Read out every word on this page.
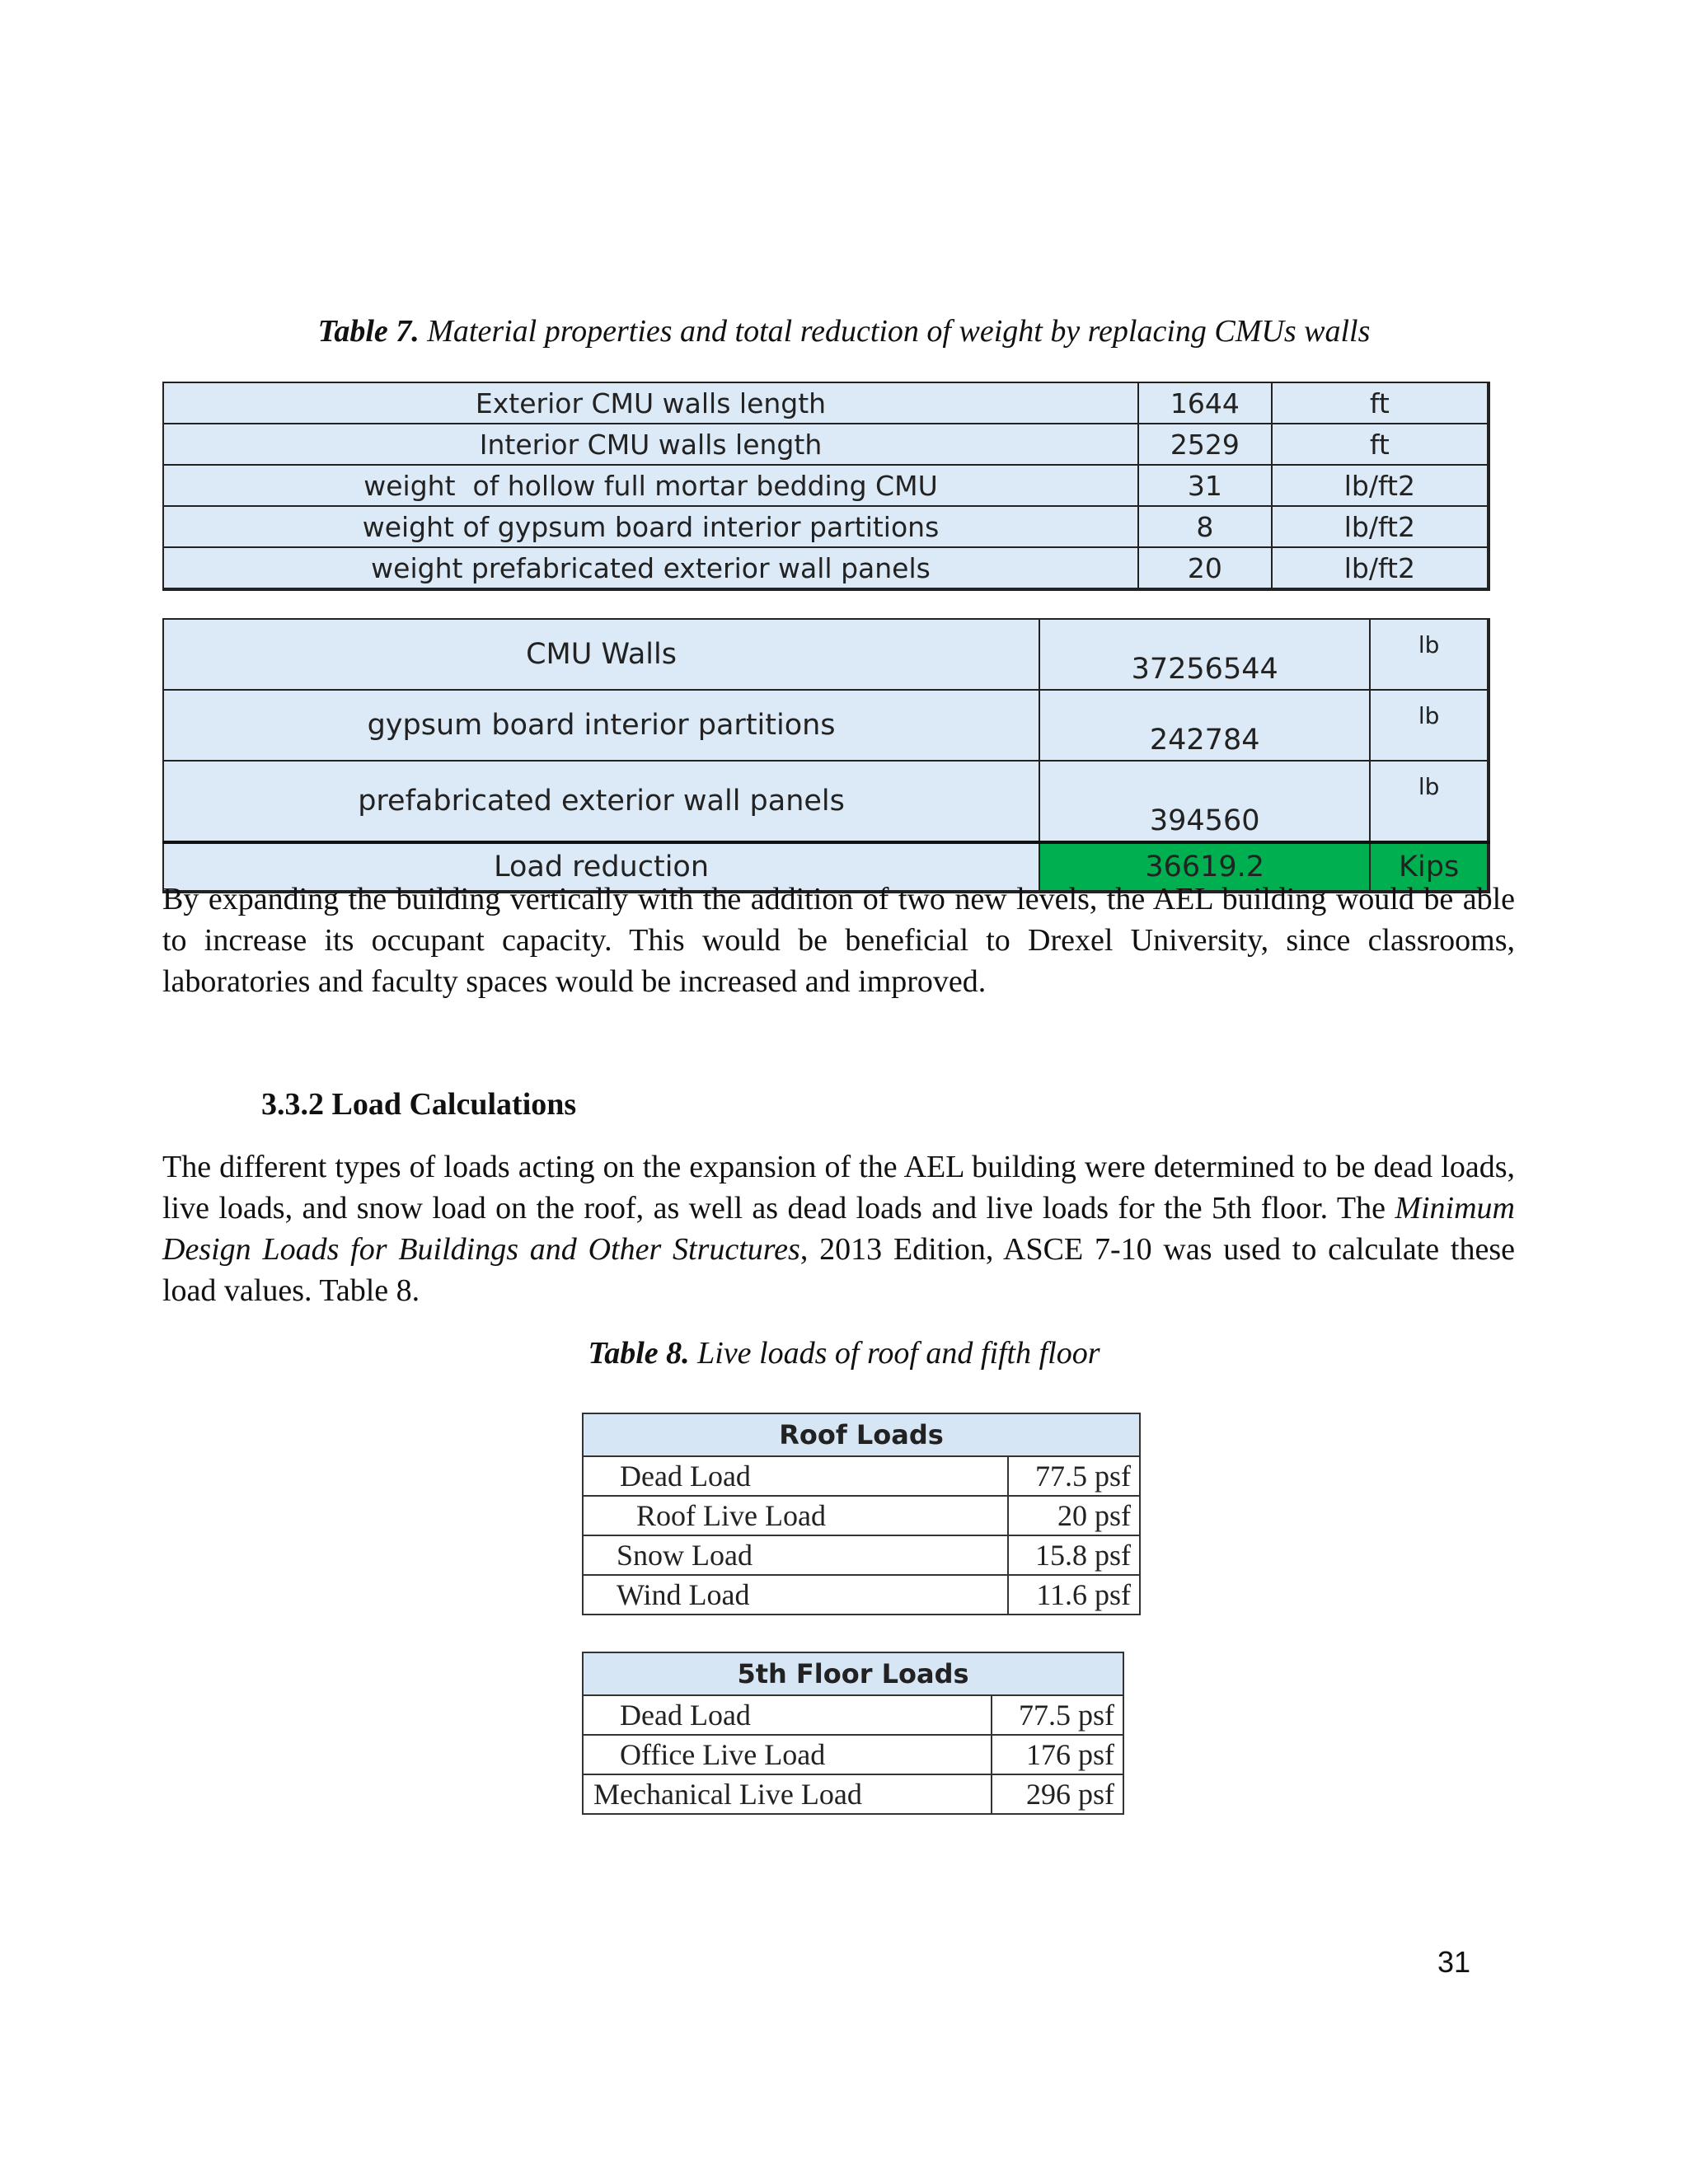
Table 7. Material properties and total reduction of weight by replacing CMUs walls
Exterior CMU walls length	1644	ft
Interior CMU walls length	2529	ft
weight  of hollow full mortar bedding CMU	31	lb/ft2
weight of gypsum board interior partitions	8	lb/ft2
weight prefabricated exterior wall panels	20	lb/ft2
CMU Walls	37256544	lb
gypsum board interior partitions	242784	lb
prefabricated exterior wall panels	394560	lb
Load reduction	36619.2	Kips

By expanding the building vertically with the addition of two new levels, the AEL building would be able to increase its occupant capacity. This would be beneficial to Drexel University, since classrooms, laboratories and faculty spaces would be increased and improved.

3.3.2 Load Calculations

The different types of loads acting on the expansion of the AEL building were determined to be dead loads, live loads, and snow load on the roof, as well as dead loads and live loads for the 5th floor. The Minimum Design Loads for Buildings and Other Structures, 2013 Edition, ASCE 7-10 was used to calculate these load values. Table 8.

Table 8. Live loads of roof and fifth floor
Roof Loads	
Dead Load	77.5 psf
Roof Live Load	20 psf
Snow Load	15.8 psf
Wind Load	11.6 psf
5th Floor Loads	
Dead Load	77.5 psf
Office Live Load	176 psf
Mechanical Live Load	296 psf
31
